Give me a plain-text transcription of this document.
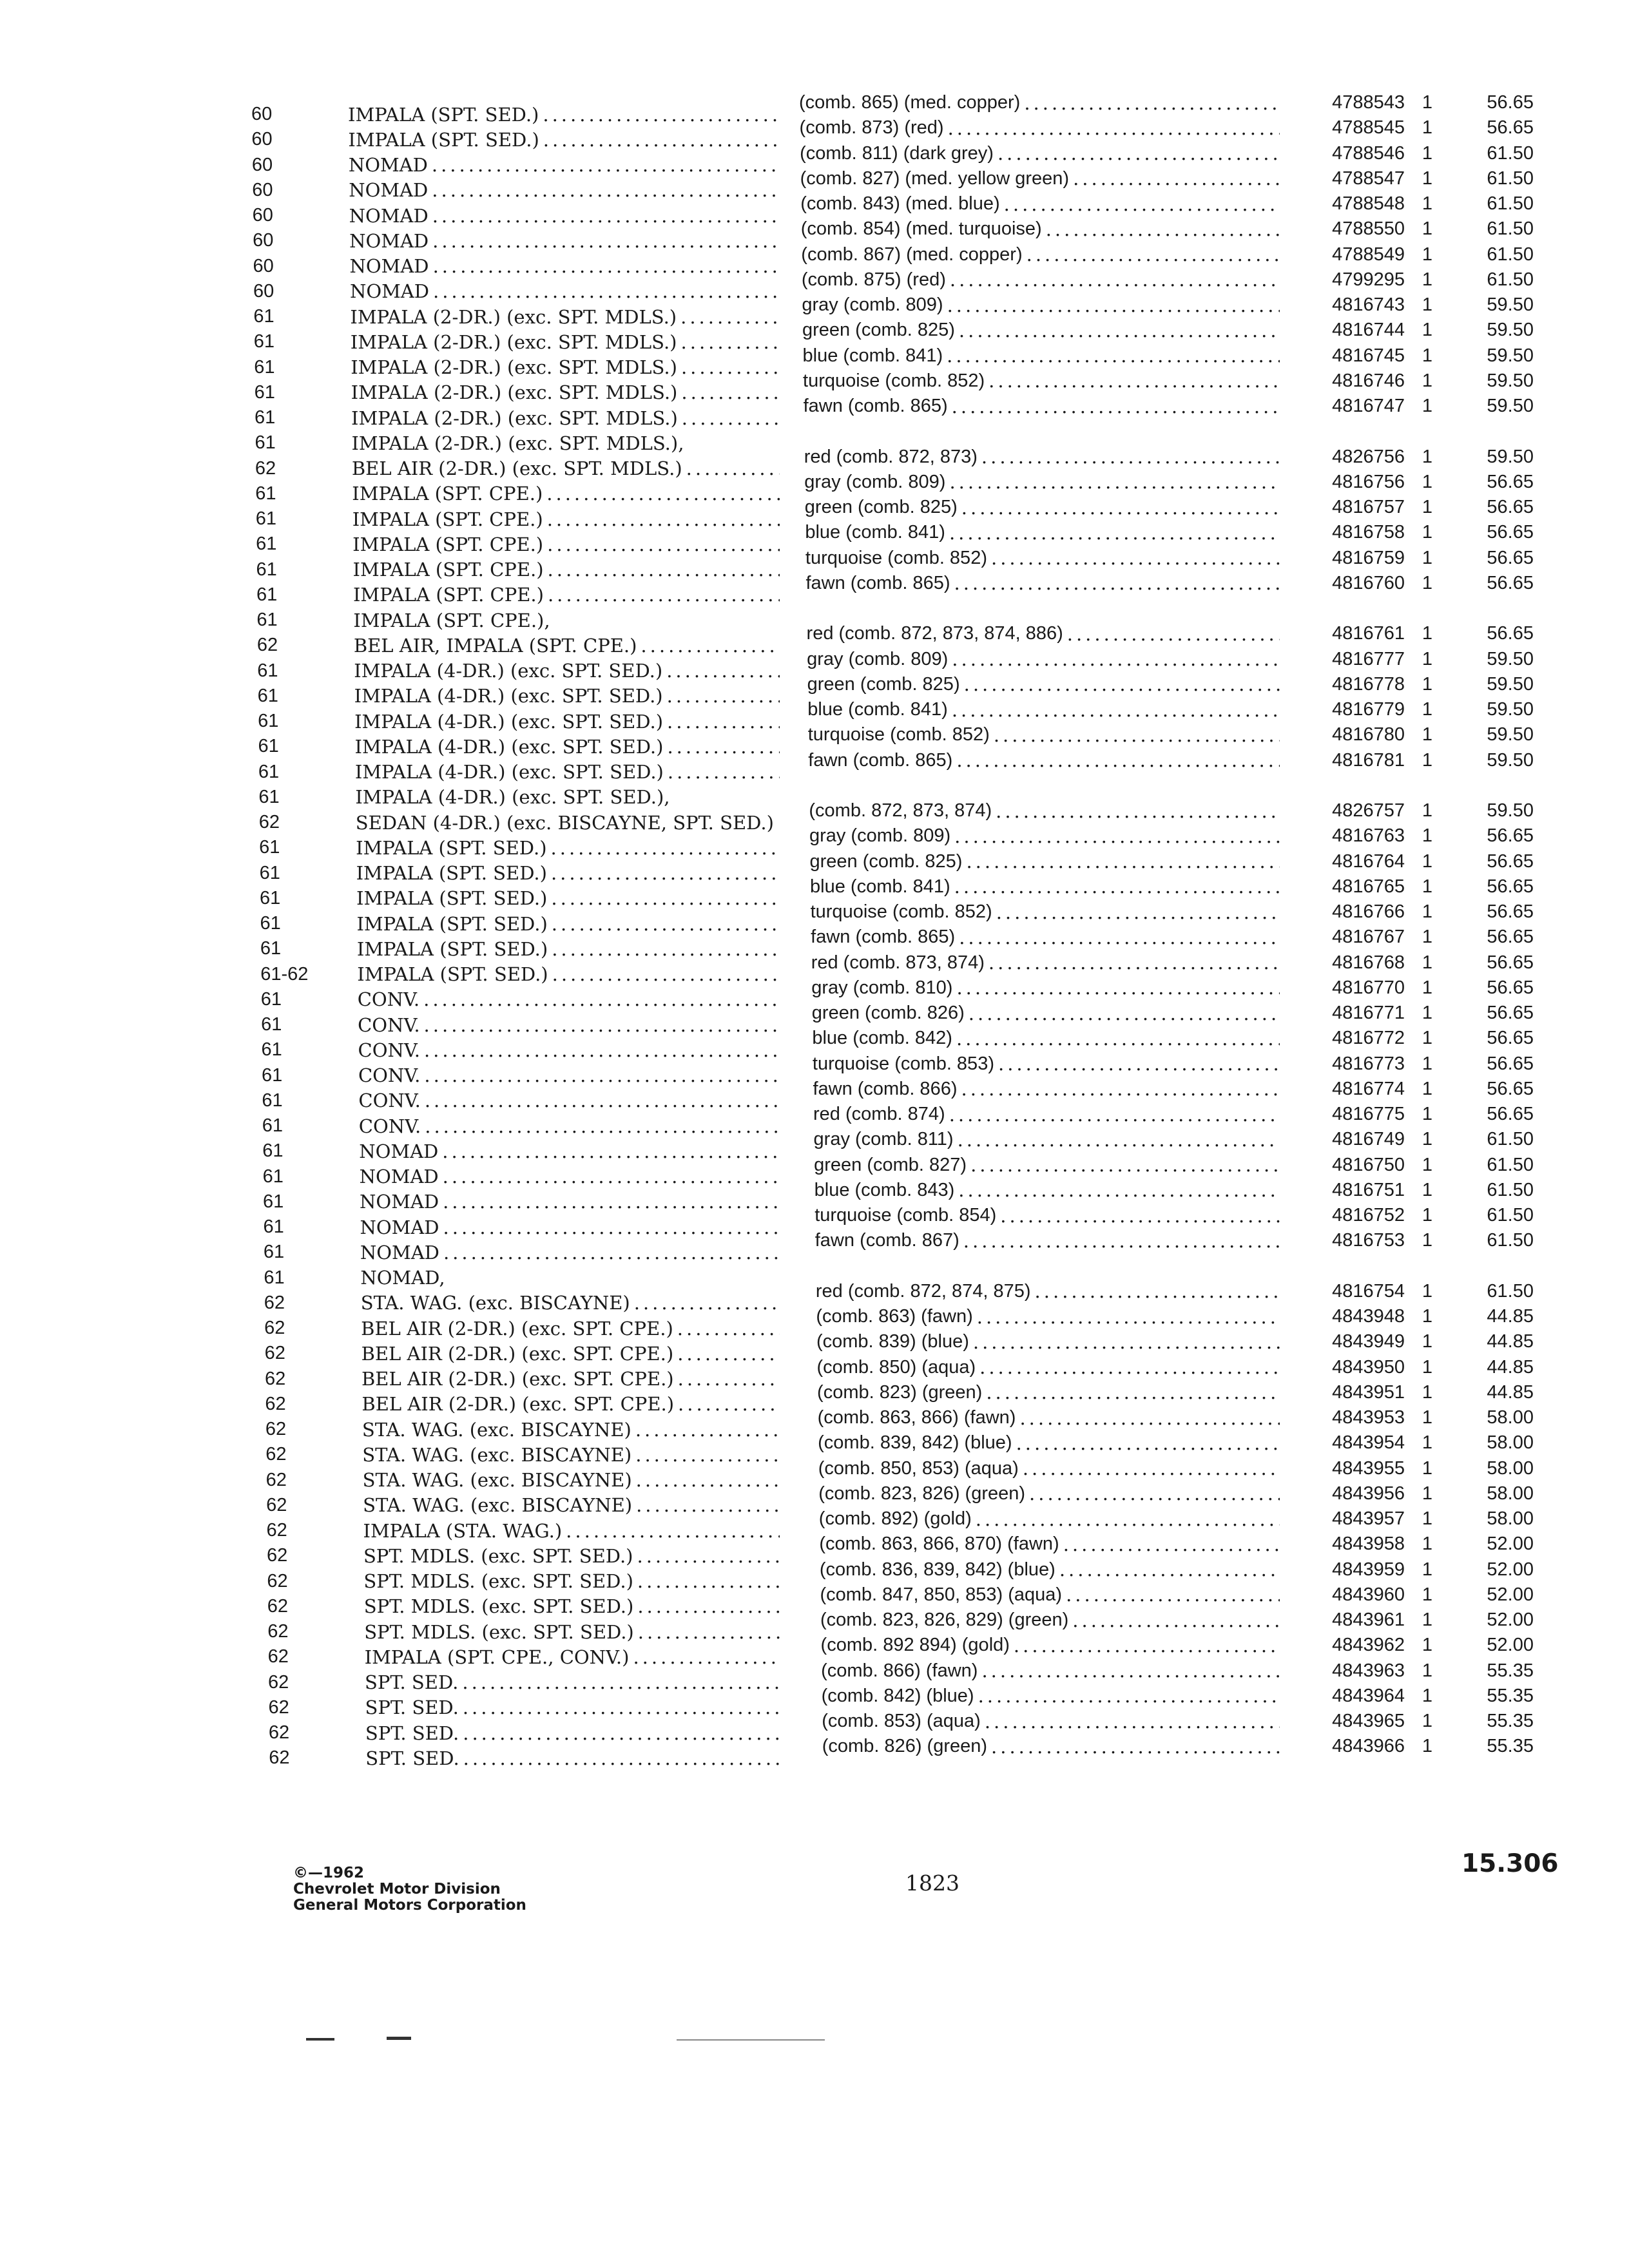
60	IMPALA (SPT. SED.)
.....
60	IMPALA (SPT. SED.)
.....
60	NOMAD
.....
60	NOMAD
.....
60	NOMAD
.....
60	NOMAD
.....
60	NOMAD
.....
60	NOMAD
.....
61	IMPALA (2-DR.) (exc. SPT. MDLS.)
.....
61	IMPALA (2-DR.) (exc. SPT. MDLS.)
.....
61	IMPALA (2-DR.) (exc. SPT. MDLS.)
.....
61	IMPALA (2-DR.) (exc. SPT. MDLS.)
.....
61	IMPALA (2-DR.) (exc. SPT. MDLS.)
.....
61	IMPALA (2-DR.) (exc. SPT. MDLS.),
62	BEL AIR (2-DR.) (exc. SPT. MDLS.)
.....
61	IMPALA (SPT. CPE.)
.....
61	IMPALA (SPT. CPE.)
.....
61	IMPALA (SPT. CPE.)
.....
61	IMPALA (SPT. CPE.)
.....
61	IMPALA (SPT. CPE.)
.....
61	IMPALA (SPT. CPE.),
62	BEL AIR, IMPALA (SPT. CPE.)
.....
61	IMPALA (4-DR.) (exc. SPT. SED.)
.....
61	IMPALA (4-DR.) (exc. SPT. SED.)
.....
61	IMPALA (4-DR.) (exc. SPT. SED.)
.....
61	IMPALA (4-DR.) (exc. SPT. SED.)
.....
61	IMPALA (4-DR.) (exc. SPT. SED.)
.....
61	IMPALA (4-DR.) (exc. SPT. SED.),
62	SEDAN (4-DR.) (exc. BISCAYNE, SPT. SED.)
61	IMPALA (SPT. SED.)
.....
61	IMPALA (SPT. SED.)
.....
61	IMPALA (SPT. SED.)
.....
61	IMPALA (SPT. SED.)
.....
61	IMPALA (SPT. SED.)
.....
61-62	IMPALA (SPT. SED.)
.....
61	CONV.
.....
61	CONV.
.....
61	CONV.
.....
61	CONV.
.....
61	CONV.
.....
61	CONV.
.....
61	NOMAD
.....
61	NOMAD
.....
61	NOMAD
.....
61	NOMAD
.....
61	NOMAD
.....
61	NOMAD,
62	STA. WAG. (exc. BISCAYNE)
.....
62	BEL AIR (2-DR.) (exc. SPT. CPE.)
.....
62	BEL AIR (2-DR.) (exc. SPT. CPE.)
.....
62	BEL AIR (2-DR.) (exc. SPT. CPE.)
.....
62	BEL AIR (2-DR.) (exc. SPT. CPE.)
.....
62	STA. WAG. (exc. BISCAYNE)
.....
62	STA. WAG. (exc. BISCAYNE)
.....
62	STA. WAG. (exc. BISCAYNE)
.....
62	STA. WAG. (exc. BISCAYNE)
.....
62	IMPALA (STA. WAG.)
.....
62	SPT. MDLS. (exc. SPT. SED.)
.....
62	SPT. MDLS. (exc. SPT. SED.)
.....
62	SPT. MDLS. (exc. SPT. SED.)
.....
62	SPT. MDLS. (exc. SPT. SED.)
.....
62	IMPALA (SPT. CPE., CONV.)
.....
62	SPT. SED.
.....
62	SPT. SED.
.....
62	SPT. SED.
.....
62	SPT. SED.
.....
(comb. 865) (med. copper) .....	4788543 1	56.65
(comb. 873) (red) .....	4788545 1	56.65
(comb. 811) (dark grey) .....	4788546 1	61.50
(comb. 827) (med. yellow green) .....	4788547 1	61.50
(comb. 843) (med. blue) .....	4788548 1	61.50
(comb. 854) (med. turquoise) .....	4788550 1	61.50
(comb. 867) (med. copper) .....	4788549 1	61.50
(comb. 875) (red) .....	4799295 1	61.50
gray (comb. 809) .....	4816743 1	59.50
green (comb. 825) .....	4816744 1	59.50
blue (comb. 841) .....	4816745 1	59.50
turquoise (comb. 852) .....	4816746 1	59.50
fawn (comb. 865) .....	4816747 1	59.50
red (comb. 872, 873) .....	4826756 1	59.50
gray (comb. 809) .....	4816756 1	56.65
green (comb. 825) .....	4816757 1	56.65
blue (comb. 841) .....	4816758 1	56.65
turquoise (comb. 852) .....	4816759 1	56.65
fawn (comb. 865) .....	4816760 1	56.65
red (comb. 872, 873, 874, 886) .....	4816761 1	56.65
gray (comb. 809) .....	4816777 1	59.50
green (comb. 825) .....	4816778 1	59.50
blue (comb. 841) .....	4816779 1	59.50
turquoise (comb. 852) .....	4816780 1	59.50
fawn (comb. 865) .....	4816781 1	59.50
(comb. 872, 873, 874) .....	4826757 1	59.50
gray (comb. 809) .....	4816763 1	56.65
green (comb. 825) .....	4816764 1	56.65
blue (comb. 841) .....	4816765 1	56.65
turquoise (comb. 852) .....	4816766 1	56.65
fawn (comb. 865) .....	4816767 1	56.65
red (comb. 873, 874) .....	4816768 1	56.65
gray (comb. 810) .....	4816770 1	56.65
green (comb. 826) .....	4816771 1	56.65
blue (comb. 842) .....	4816772 1	56.65
turquoise (comb. 853) .....	4816773 1	56.65
fawn (comb. 866) .....	4816774 1	56.65
red (comb. 874) .....	4816775 1	56.65
gray (comb. 811) .....	4816749 1	61.50
green (comb. 827) .....	4816750 1	61.50
blue (comb. 843) .....	4816751 1	61.50
turquoise (comb. 854) .....	4816752 1	61.50
fawn (comb. 867) .....	4816753 1	61.50
red (comb. 872, 874, 875) .....	4816754 1	61.50
(comb. 863) (fawn) .....	4843948 1	44.85
(comb. 839) (blue) .....	4843949 1	44.85
(comb. 850) (aqua) .....	4843950 1	44.85
(comb. 823) (green) .....	4843951 1	44.85
(comb. 863, 866) (fawn) .....	4843953 1	58.00
(comb. 839, 842) (blue) .....	4843954 1	58.00
(comb. 850, 853) (aqua) .....	4843955 1	58.00
(comb. 823, 826) (green) .....	4843956 1	58.00
(comb. 892) (gold) .....	4843957 1	58.00
(comb. 863, 866, 870) (fawn) .....	4843958 1	52.00
(comb. 836, 839, 842) (blue) .....	4843959 1	52.00
(comb. 847, 850, 853) (aqua) .....	4843960 1	52.00
(comb. 823, 826, 829) (green) .....	4843961 1	52.00
(comb. 892 894) (gold) .....	4843962 1	52.00
(comb. 866) (fawn) .....	4843963 1	55.35
(comb. 842) (blue) .....	4843964 1	55.35
(comb. 853) (aqua) .....	4843965 1	55.35
(comb. 826) (green) .....	4843966 1	55.35
©—1962
Chevrolet Motor Division
General Motors Corporation
1823
15.306
